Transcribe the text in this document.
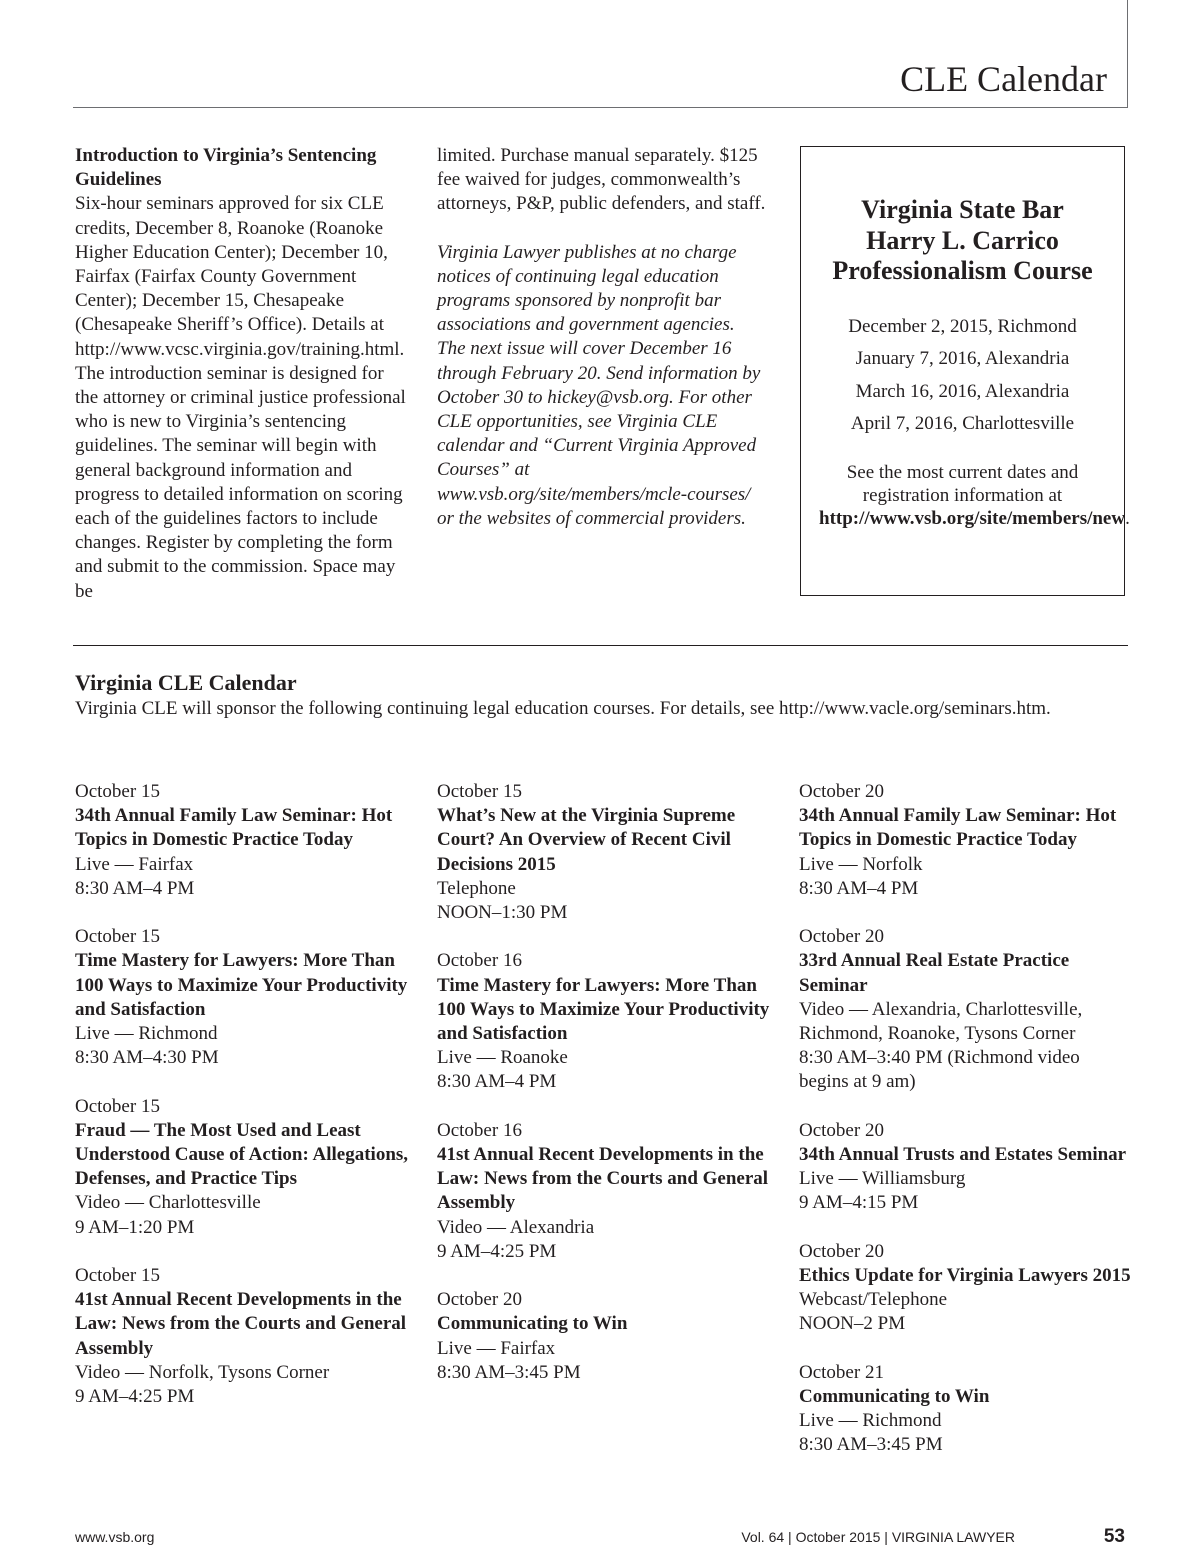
CLE Calendar

Introduction to Virginia’s Sentencing Guidelines

Six-hour seminars approved for six CLE credits, December 8, Roanoke (Roanoke Higher Education Center); December 10, Fairfax (Fairfax County Government Center); December 15, Chesapeake (Chesapeake Sheriff’s Office). Details at http://www.vcsc.virginia.gov/training.html. The introduction seminar is designed for the attorney or criminal justice professional who is new to Virginia’s sentencing guidelines. The seminar will begin with general background information and progress to detailed information on scoring each of the guidelines factors to include changes. Register by completing the form and submit to the commission. Space may be

limited. Purchase manual separately. $125 fee waived for judges, commonwealth’s attorneys, P&P, public defenders, and staff.

Virginia Lawyer publishes at no charge notices of continuing legal education programs sponsored by nonprofit bar associations and government agencies. The next issue will cover December 16 through February 20. Send information by October 30 to hickey@vsb.org. For other CLE opportunities, see Virginia CLE calendar and “Current Virginia Approved Courses” at www.vsb.org/site/members/mcle-courses/ or the websites of commercial providers.

Virginia State Bar
Harry L. Carrico
Professionalism Course
December 2, 2015, Richmond
January 7, 2016, Alexandria
March 16, 2016, Alexandria
April 7, 2016, Charlottesville
See the most current dates and registration information at http://www.vsb.org/site/members/new.
Virginia CLE Calendar
Virginia CLE will sponsor the following continuing legal education courses. For details, see http://www.vacle.org/seminars.htm.
October 15
34th Annual Family Law Seminar: Hot Topics in Domestic Practice Today
Live — Fairfax
8:30 AM–4 PM
October 15
Time Mastery for Lawyers: More Than 100 Ways to Maximize Your Productivity and Satisfaction
Live — Richmond
8:30 AM–4:30 PM
October 15
Fraud — The Most Used and Least Understood Cause of Action: Allegations, Defenses, and Practice Tips
Video — Charlottesville
9 AM–1:20 PM
October 15
41st Annual Recent Developments in the Law: News from the Courts and General Assembly
Video — Norfolk, Tysons Corner
9 AM–4:25 PM
October 15
What’s New at the Virginia Supreme Court? An Overview of Recent Civil Decisions 2015
Telephone
NOON–1:30 PM
October 16
Time Mastery for Lawyers: More Than 100 Ways to Maximize Your Productivity and Satisfaction
Live — Roanoke
8:30 AM–4 PM
October 16
41st Annual Recent Developments in the Law: News from the Courts and General Assembly
Video — Alexandria
9 AM–4:25 PM
October 20
Communicating to Win
Live — Fairfax
8:30 AM–3:45 PM
October 20
34th Annual Family Law Seminar: Hot Topics in Domestic Practice Today
Live — Norfolk
8:30 AM–4 PM
October 20
33rd Annual Real Estate Practice Seminar
Video — Alexandria, Charlottesville, Richmond, Roanoke, Tysons Corner
8:30 AM–3:40 PM (Richmond video begins at 9 am)
October 20
34th Annual Trusts and Estates Seminar
Live — Williamsburg
9 AM–4:15 PM
October 20
Ethics Update for Virginia Lawyers 2015
Webcast/Telephone
NOON–2 PM
October 21
Communicating to Win
Live — Richmond
8:30 AM–3:45 PM
www.vsb.org	Vol. 64 | October 2015 | VIRGINIA LAWYER	53
